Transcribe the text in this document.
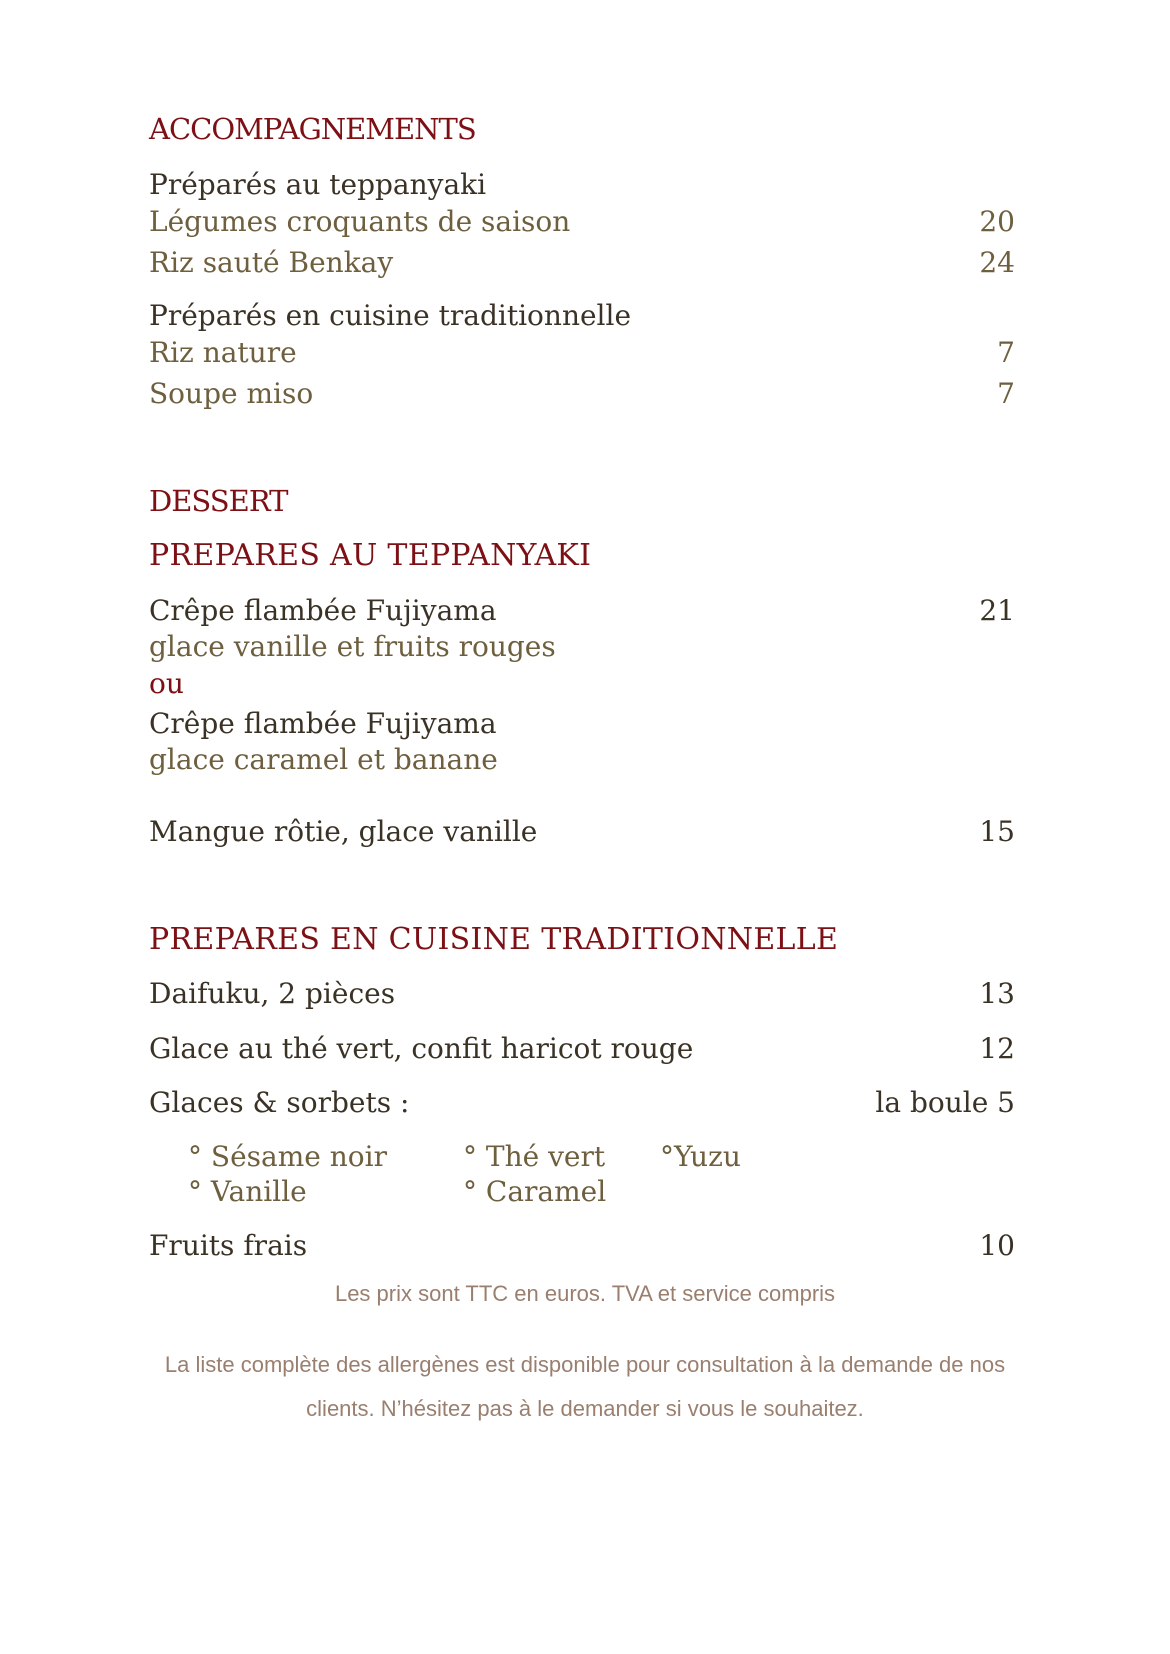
ACCOMPAGNEMENTS
Préparés au teppanyaki
Légumes croquants de saison	20
Riz sauté Benkay	24
Préparés en cuisine traditionnelle
Riz nature	7
Soupe miso	7
DESSERT
PREPARES AU TEPPANYAKI
Crêpe flambée Fujiyama	21
glace vanille et fruits rouges
ou
Crêpe flambée Fujiyama
glace caramel et banane
Mangue rôtie, glace vanille	15
PREPARES EN CUISINE TRADITIONNELLE
Daifuku, 2 pièces	13
Glace au thé vert, confit haricot rouge	12
Glaces & sorbets :	la boule 5
° Sésame noir	° Thé vert °Yuzu
° Vanille	° Caramel
Fruits frais	10
Les prix sont TTC en euros. TVA et service compris
La liste complète des allergènes est disponible pour consultation à la demande de nos clients. N’hésitez pas à le demander si vous le souhaitez.
